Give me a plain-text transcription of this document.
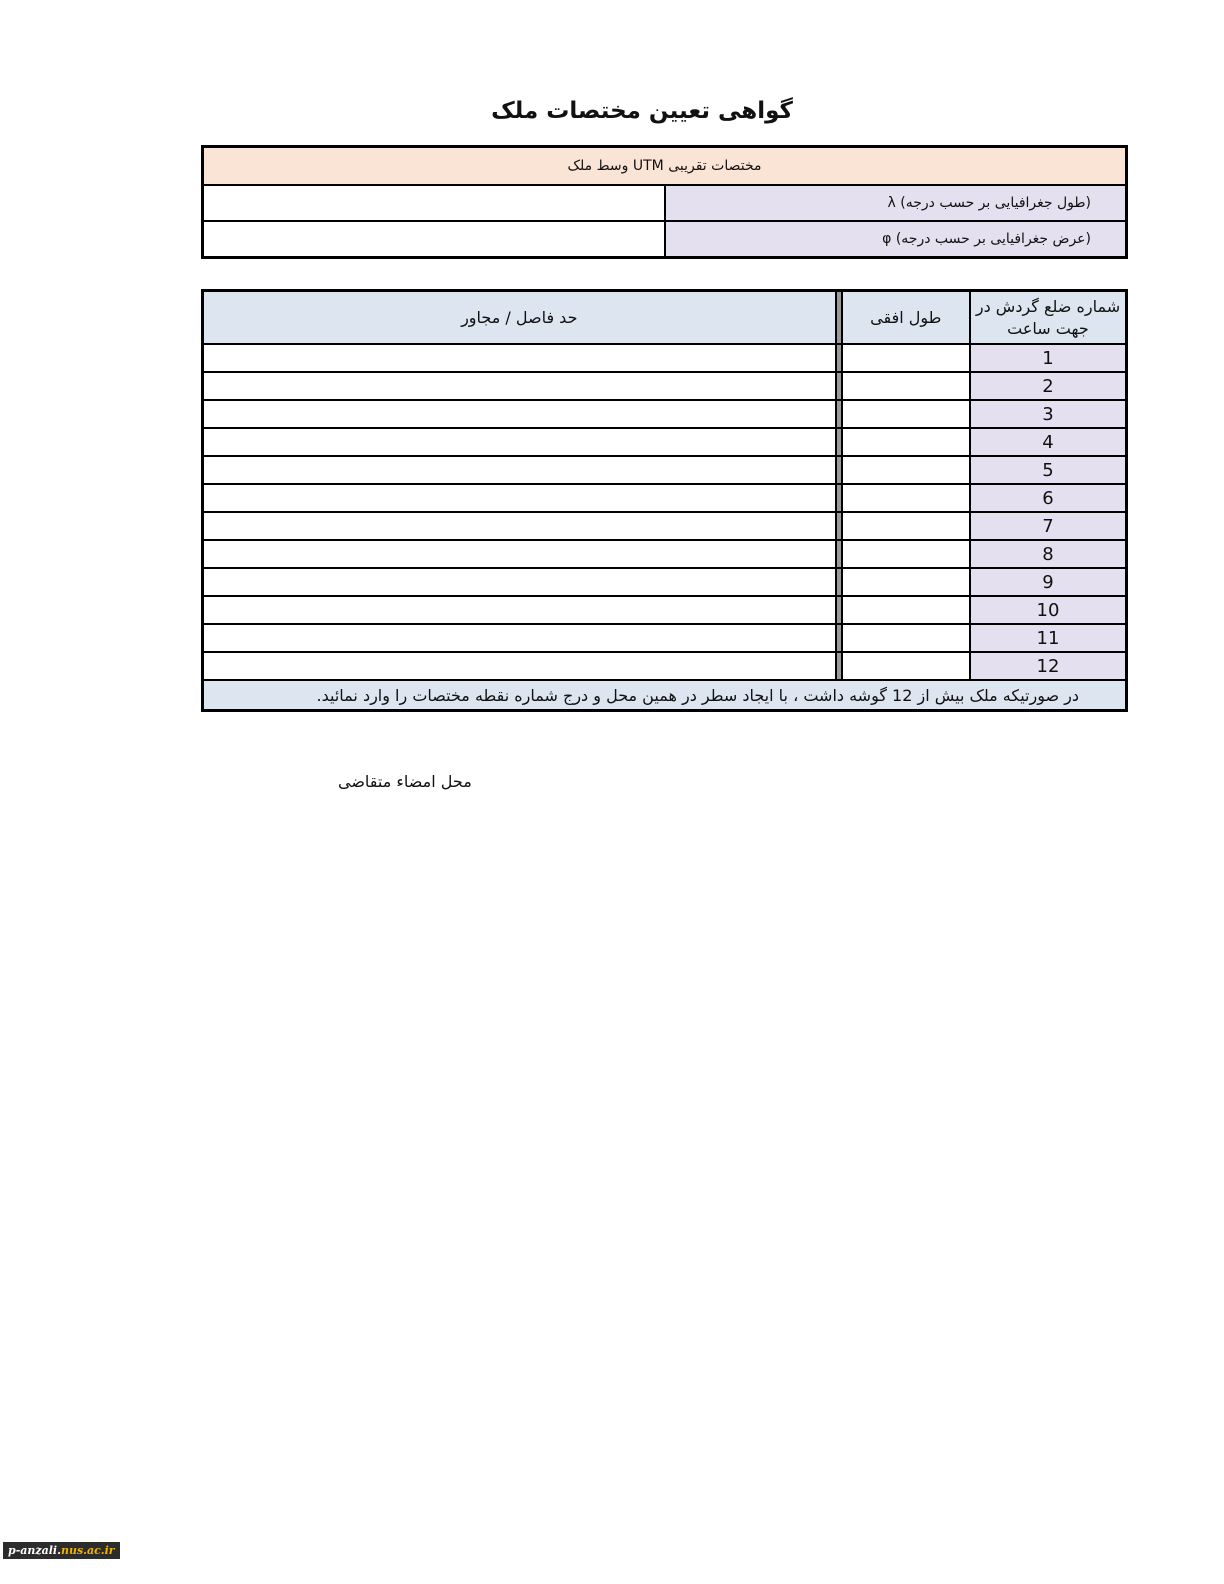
گواهی تعیین مختصات ملک
مختصات تقریبی UTM وسط ملک	
	(طول جغرافیایی بر حسب درجه) λ
	(عرض جغرافیایی بر حسب درجه) φ
حد فاصل / مجاور		طول افقی	شماره ضلع گردش در جهت ساعت
			1
			2
			3
			4
			5
			6
			7
			8
			9
			10
			11
			12
در صورتیکه ملک بیش از 12 گوشه داشت ، با ایجاد سطر در همین محل و درج شماره نقطه مختصات را وارد نمائید.			
محل امضاء متقاضی
p-anzali.nus.ac.ir
